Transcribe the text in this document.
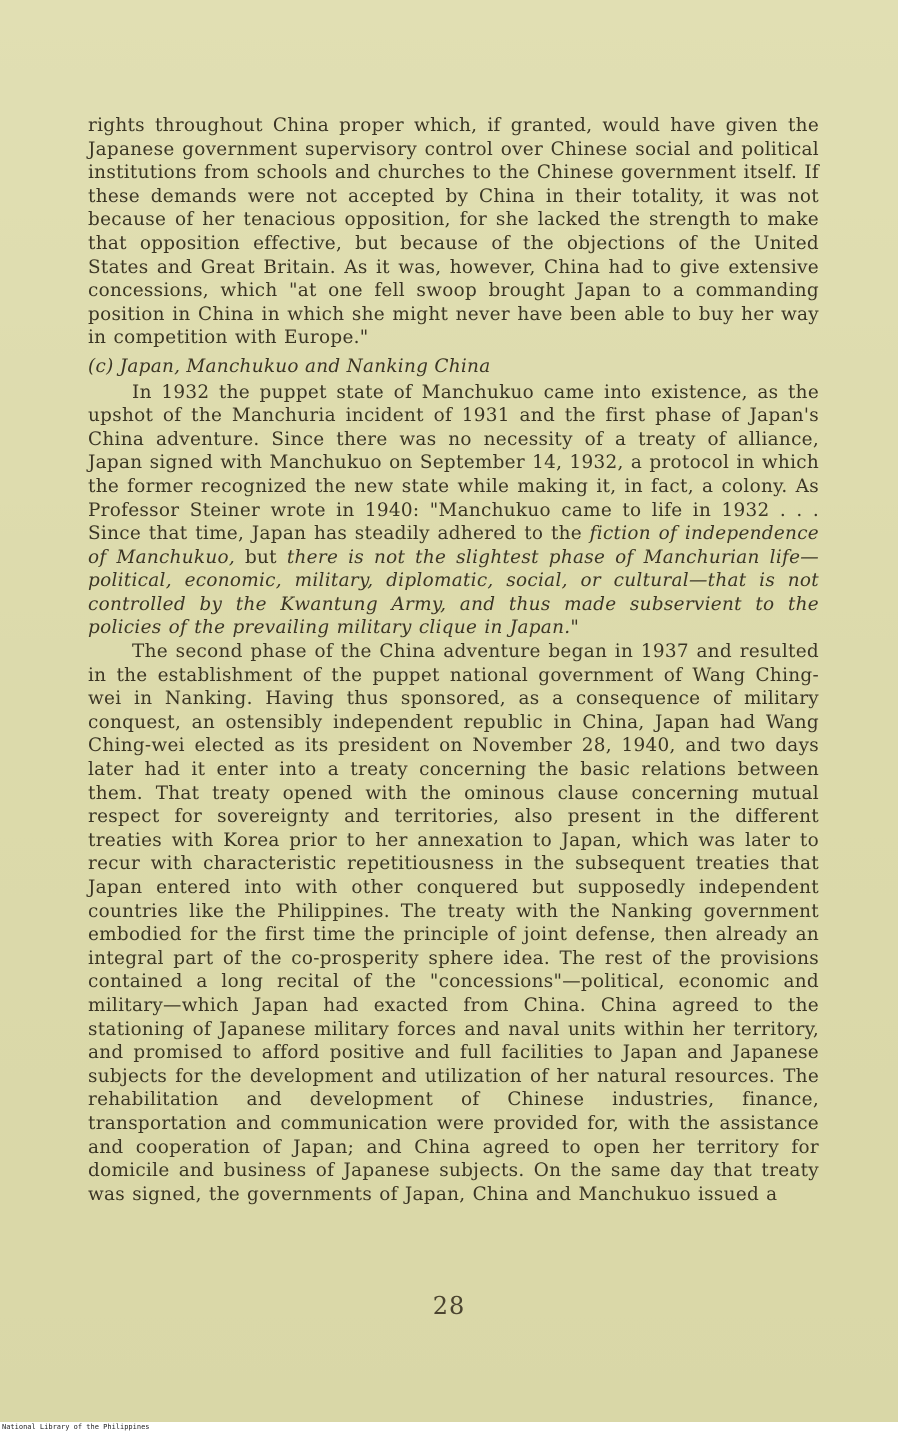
rights throughout China proper which, if granted, would have given the Japanese government supervisory control over Chinese social and political institutions from schools and churches to the Chinese government itself. If these demands were not accepted by China in their totality, it was not because of her tenacious opposition, for she lacked the strength to make that opposition effective, but because of the objections of the United States and Great Britain. As it was, however, China had to give extensive concessions, which "at one fell swoop brought Japan to a commanding position in China in which she might never have been able to buy her way in competition with Europe."

(c) Japan, Manchukuo and Nanking China

In 1932 the puppet state of Manchukuo came into existence, as the upshot of the Manchuria incident of 1931 and the first phase of Japan's China adventure. Since there was no necessity of a treaty of alliance, Japan signed with Manchukuo on September 14, 1932, a protocol in which the former recognized the new state while making it, in fact, a colony. As Professor Steiner wrote in 1940: "Manchukuo came to life in 1932 . . . Since that time, Japan has steadily adhered to the fiction of independence of Manchukuo, but there is not the slightest phase of Manchurian life—political, economic, military, diplomatic, social, or cultural—that is not controlled by the Kwantung Army, and thus made subservient to the policies of the prevailing military clique in Japan."

The second phase of the China adventure began in 1937 and resulted in the establishment of the puppet national government of Wang Ching-wei in Nanking. Having thus sponsored, as a consequence of military conquest, an ostensibly independent republic in China, Japan had Wang Ching-wei elected as its president on November 28, 1940, and two days later had it enter into a treaty concerning the basic relations between them. That treaty opened with the ominous clause concerning mutual respect for sovereignty and territories, also present in the different treaties with Korea prior to her annexation to Japan, which was later to recur with characteristic repetitiousness in the subsequent treaties that Japan entered into with other conquered but supposedly independent countries like the Philippines. The treaty with the Nanking government embodied for the first time the principle of joint defense, then already an integral part of the co-prosperity sphere idea. The rest of the provisions contained a long recital of the "concessions"—political, economic and military—which Japan had exacted from China. China agreed to the stationing of Japanese military forces and naval units within her territory, and promised to afford positive and full facilities to Japan and Japanese subjects for the development and utilization of her natural resources. The rehabilitation and development of Chinese industries, finance, transportation and communication were provided for, with the assistance and cooperation of Japan; and China agreed to open her territory for domicile and business of Japanese subjects. On the same day that treaty was signed, the governments of Japan, China and Manchukuo issued a

28
National Library of the Philippines
